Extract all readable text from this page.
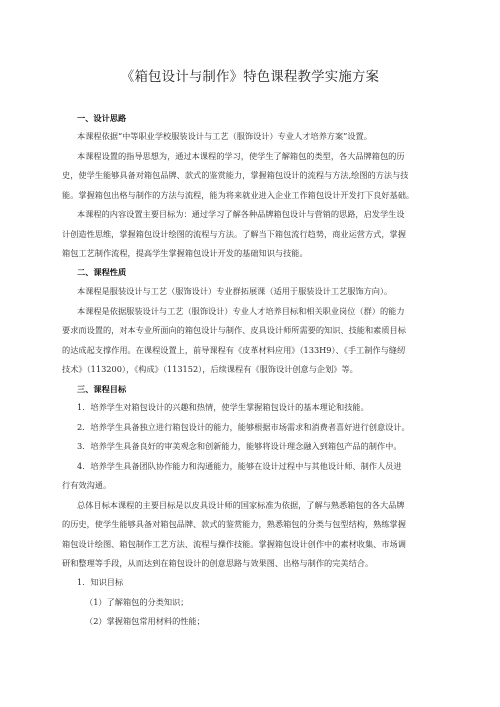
《箱包设计与制作》特色课程教学实施方案
一、设计思路
本课程依据“中等职业学校服装设计与工艺（服饰设计）专业人才培养方案”设置。
本课程设置的指导思想为，通过本课程的学习，使学生了解箱包的类型，各大品牌箱包的历
史，使学生能够具备对箱包品牌、款式的鉴赏能力，掌握箱包设计的流程与方法,绘图的方法与技
能。掌握箱包出格与制作的方法与流程，能为将来就业进入企业工作箱包设计开发打下良好基础。
本课程的内容设置主要目标为：通过学习了解各种品牌箱包设计与营销的思路，启发学生设
计创造性思维，掌握箱包设计绘图的流程与方法。了解当下箱包流行趋势，商业运营方式，掌握
箱包工艺制作流程，提高学生掌握箱包设计开发的基础知识与技能。
二、课程性质
本课程是服装设计与工艺（服饰设计）专业群拓展课（适用于服装设计工艺服饰方向）。
本课程是依据服装设计与工艺（服饰设计）专业人才培养目标和相关职业岗位（群）的能力
要求而设置的，对本专业所面向的箱包设计与制作、皮具设计师所需要的知识、技能和素质目标
的达成起支撑作用。在课程设置上，前导课程有《皮革材料应用》（133H9）、《手工制作与缝纫
技术》（113200），《构成》（113152），后续课程有《服饰设计创意与企划》等。
三、课程目标
1．培养学生对箱包设计的兴趣和热情，使学生掌握箱包设计的基本理论和技能。
2．培养学生具备独立进行箱包设计的能力，能够根据市场需求和消费者喜好进行创意设计。
3．培养学生具备良好的审美观念和创新能力，能够将设计理念融入到箱包产品的制作中。
4．培养学生具备团队协作能力和沟通能力，能够在设计过程中与其他设计师、制作人员进
行有效沟通。
总体目标本课程的主要目标是以皮具设计师的国家标准为依据，了解与熟悉箱包的各大品牌
的历史，使学生能够具备对箱包品牌、款式的鉴赏能力，熟悉箱包的分类与包型结构，熟练掌握
箱包设计绘图、箱包制作工艺方法、流程与操作技能。掌握箱包设计创作中的素材收集、市场调
研和整理等手段，从而达到在箱包设计的创意思路与效果图、出格与制作的完美结合。
1．知识目标
（1）了解箱包的分类知识；
（2）掌握箱包常用材料的性能；
